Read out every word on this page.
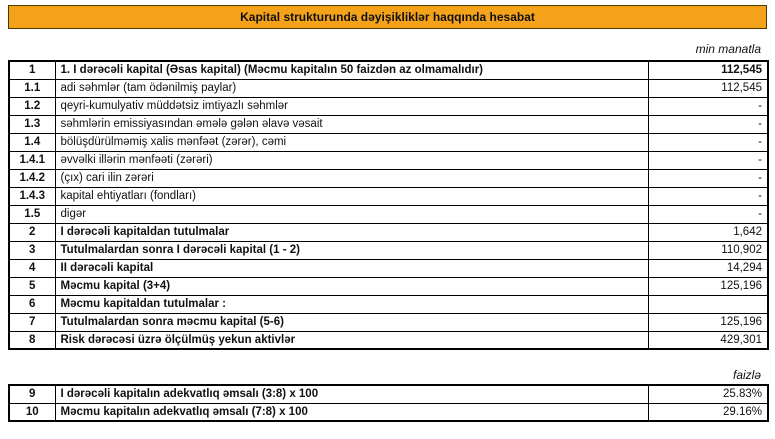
Kapital strukturunda dəyişikliklər haqqında hesabat
min manatla
1	1. I dərəcəli kapital (Əsas kapital) (Məcmu kapitalın 50 faizdən az olmamalıdır)	112,545
1.1	adi səhmlər (tam ödənilmiş paylar)	112,545
1.2	qeyri-kumulyativ müddətsiz imtiyazlı səhmlər	-
1.3	səhmlərin emissiyasından əmələ gələn əlavə vəsait	-
1.4	bölüşdürülməmiş xalis mənfəət (zərər), cəmi	-
1.4.1	əvvəlki illərin mənfəəti (zərəri)	-
1.4.2	(çıx) cari ilin zərəri	-
1.4.3	kapital ehtiyatları (fondları)	-
1.5	digər	-
2	I dərəcəli kapitaldan tutulmalar	1,642
3	Tutulmalardan sonra I dərəcəli kapital (1 - 2)	110,902
4	II dərəcəli kapital	14,294
5	Məcmu kapital (3+4)	125,196
6	Məcmu kapitaldan tutulmalar :	
7	Tutulmalardan sonra məcmu kapital (5-6)	125,196
8	Risk dərəcəsi üzrə ölçülmüş yekun aktivlər	429,301
faizlə
9	I dərəcəli kapitalın adekvatlıq əmsalı (3:8) x 100	25.83%
10	Məcmu kapitalın adekvatlıq əmsalı (7:8) x 100	29.16%
